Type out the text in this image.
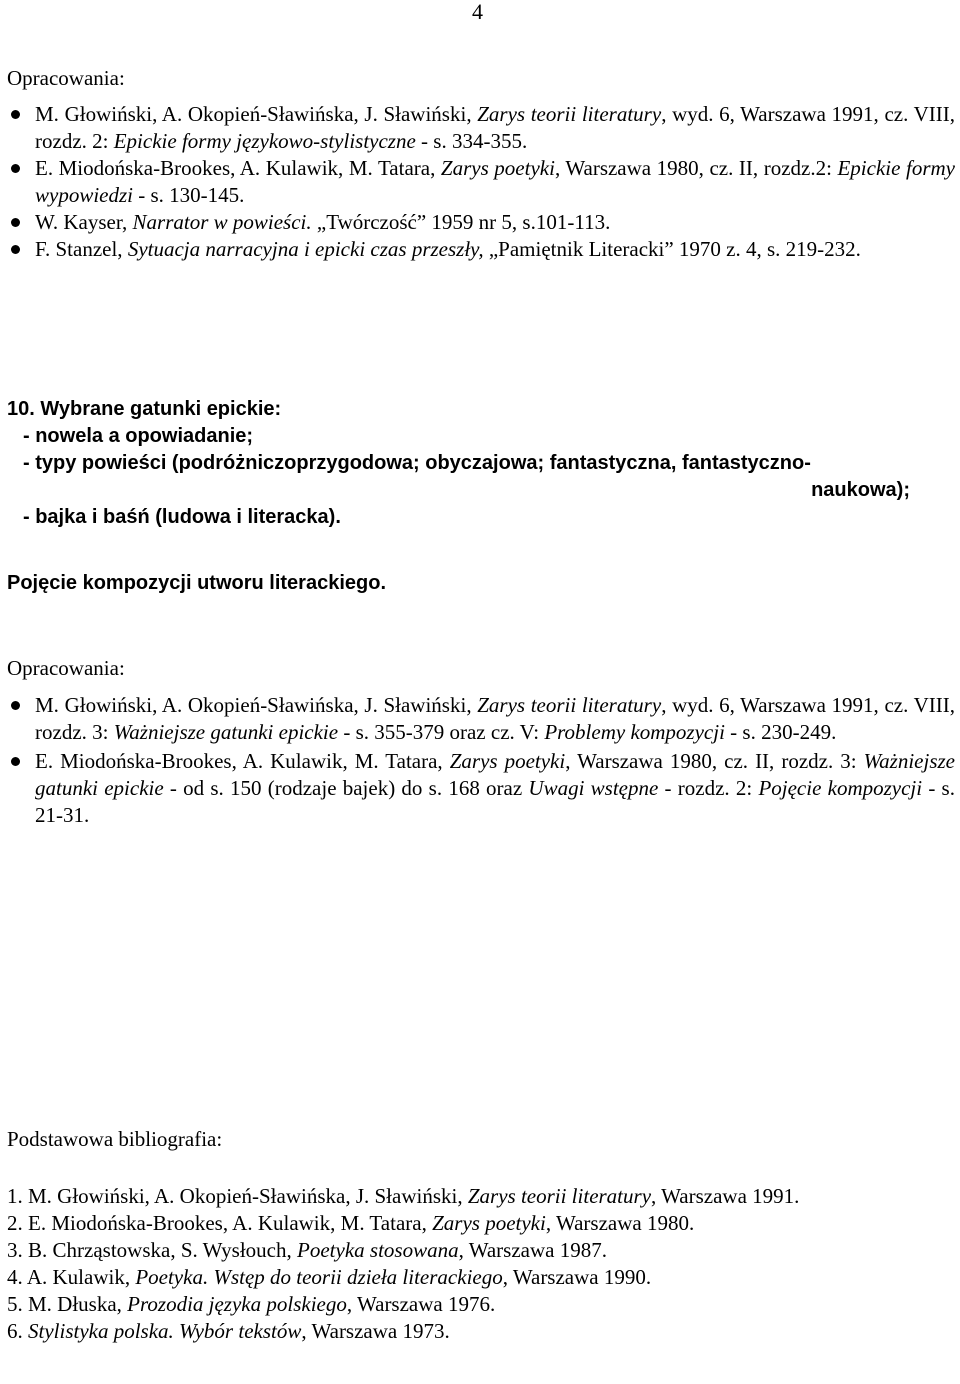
4
Opracowania:
M. Głowiński, A. Okopień-Sławińska, J. Sławiński, Zarys teorii literatury, wyd. 6, Warszawa 1991, cz. VIII, rozdz. 2: Epickie formy językowo-stylistyczne - s. 334-355.
E. Miodońska-Brookes, A. Kulawik, M. Tatara, Zarys poetyki, Warszawa 1980, cz. II, rozdz.2: Epickie formy wypowiedzi - s. 130-145.
W. Kayser, Narrator w powieści. „Twórczość” 1959 nr 5, s.101-113.
F. Stanzel, Sytuacja narracyjna i epicki czas przeszły, „Pamiętnik Literacki” 1970 z. 4, s. 219-232.
10. Wybrane gatunki epickie:
- nowela a opowiadanie;
- typy powieści (podróżniczoprzygodowa; obyczajowa; fantastyczna, fantastyczno-
naukowa);
- bajka i baśń (ludowa i literacka).
Pojęcie kompozycji utworu literackiego.
Opracowania:
M. Głowiński, A. Okopień-Sławińska, J. Sławiński, Zarys teorii literatury, wyd. 6, Warszawa 1991, cz. VIII, rozdz. 3: Ważniejsze gatunki epickie - s. 355-379 oraz cz. V: Problemy kompozycji - s. 230-249.
E. Miodońska-Brookes, A. Kulawik, M. Tatara, Zarys poetyki, Warszawa 1980, cz. II, rozdz. 3: Ważniejsze gatunki epickie - od s. 150 (rodzaje bajek) do s. 168 oraz Uwagi wstępne - rozdz. 2: Pojęcie kompozycji - s. 21-31.
Podstawowa bibliografia:
1. M. Głowiński, A. Okopień-Sławińska, J. Sławiński, Zarys teorii literatury, Warszawa 1991.
2. E. Miodońska-Brookes, A. Kulawik, M. Tatara, Zarys poetyki, Warszawa 1980.
3. B. Chrząstowska, S. Wysłouch, Poetyka stosowana, Warszawa 1987.
4. A. Kulawik, Poetyka. Wstęp do teorii dzieła literackiego, Warszawa 1990.
5. M. Dłuska, Prozodia języka polskiego, Warszawa 1976.
6. Stylistyka polska. Wybór tekstów, Warszawa 1973.
